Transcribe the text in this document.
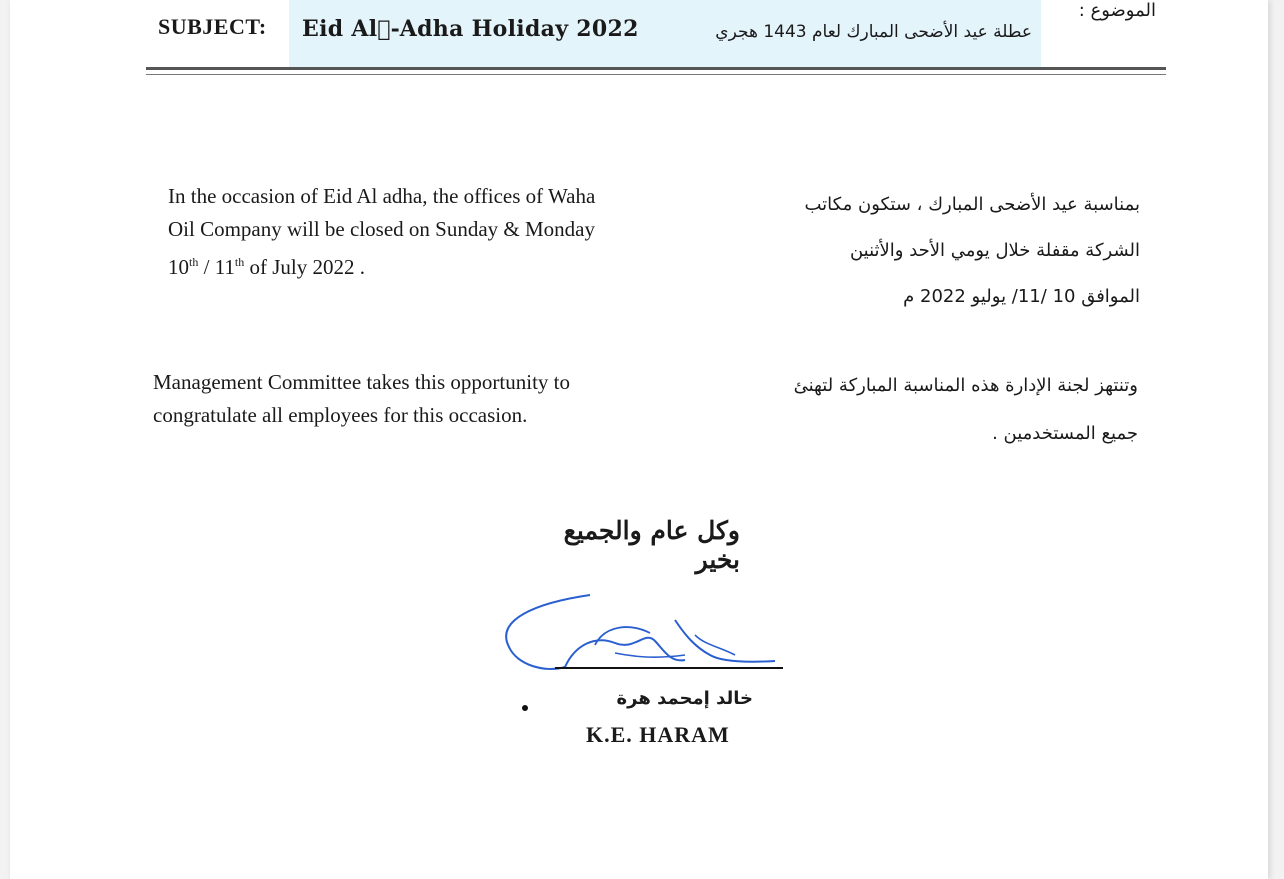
SUBJECT: Eid Al-ِAdha Holiday 2022	عطلة عيد الأضحى المبارك لعام 1443 هجري
الموضوع :
In the occasion of Eid Al adha, the offices of Waha
Oil Company will be closed on Sunday & Monday
10th / 11th of July 2022 .
Management Committee takes this opportunity to
congratulate all employees for this occasion.
بمناسبة عيد الأضحى المبارك ، ستكون مكاتب
الشركة مقفلة خلال يومي الأحد والأثنين
الموافق 10 /11/ يوليو 2022 م
وتنتهز لجنة الإدارة هذه المناسبة المباركة لتهنئ
جميع المستخدمين .
وكل عام والجميع بخير
خالد إمحمد هرة
K.E. HARAM
